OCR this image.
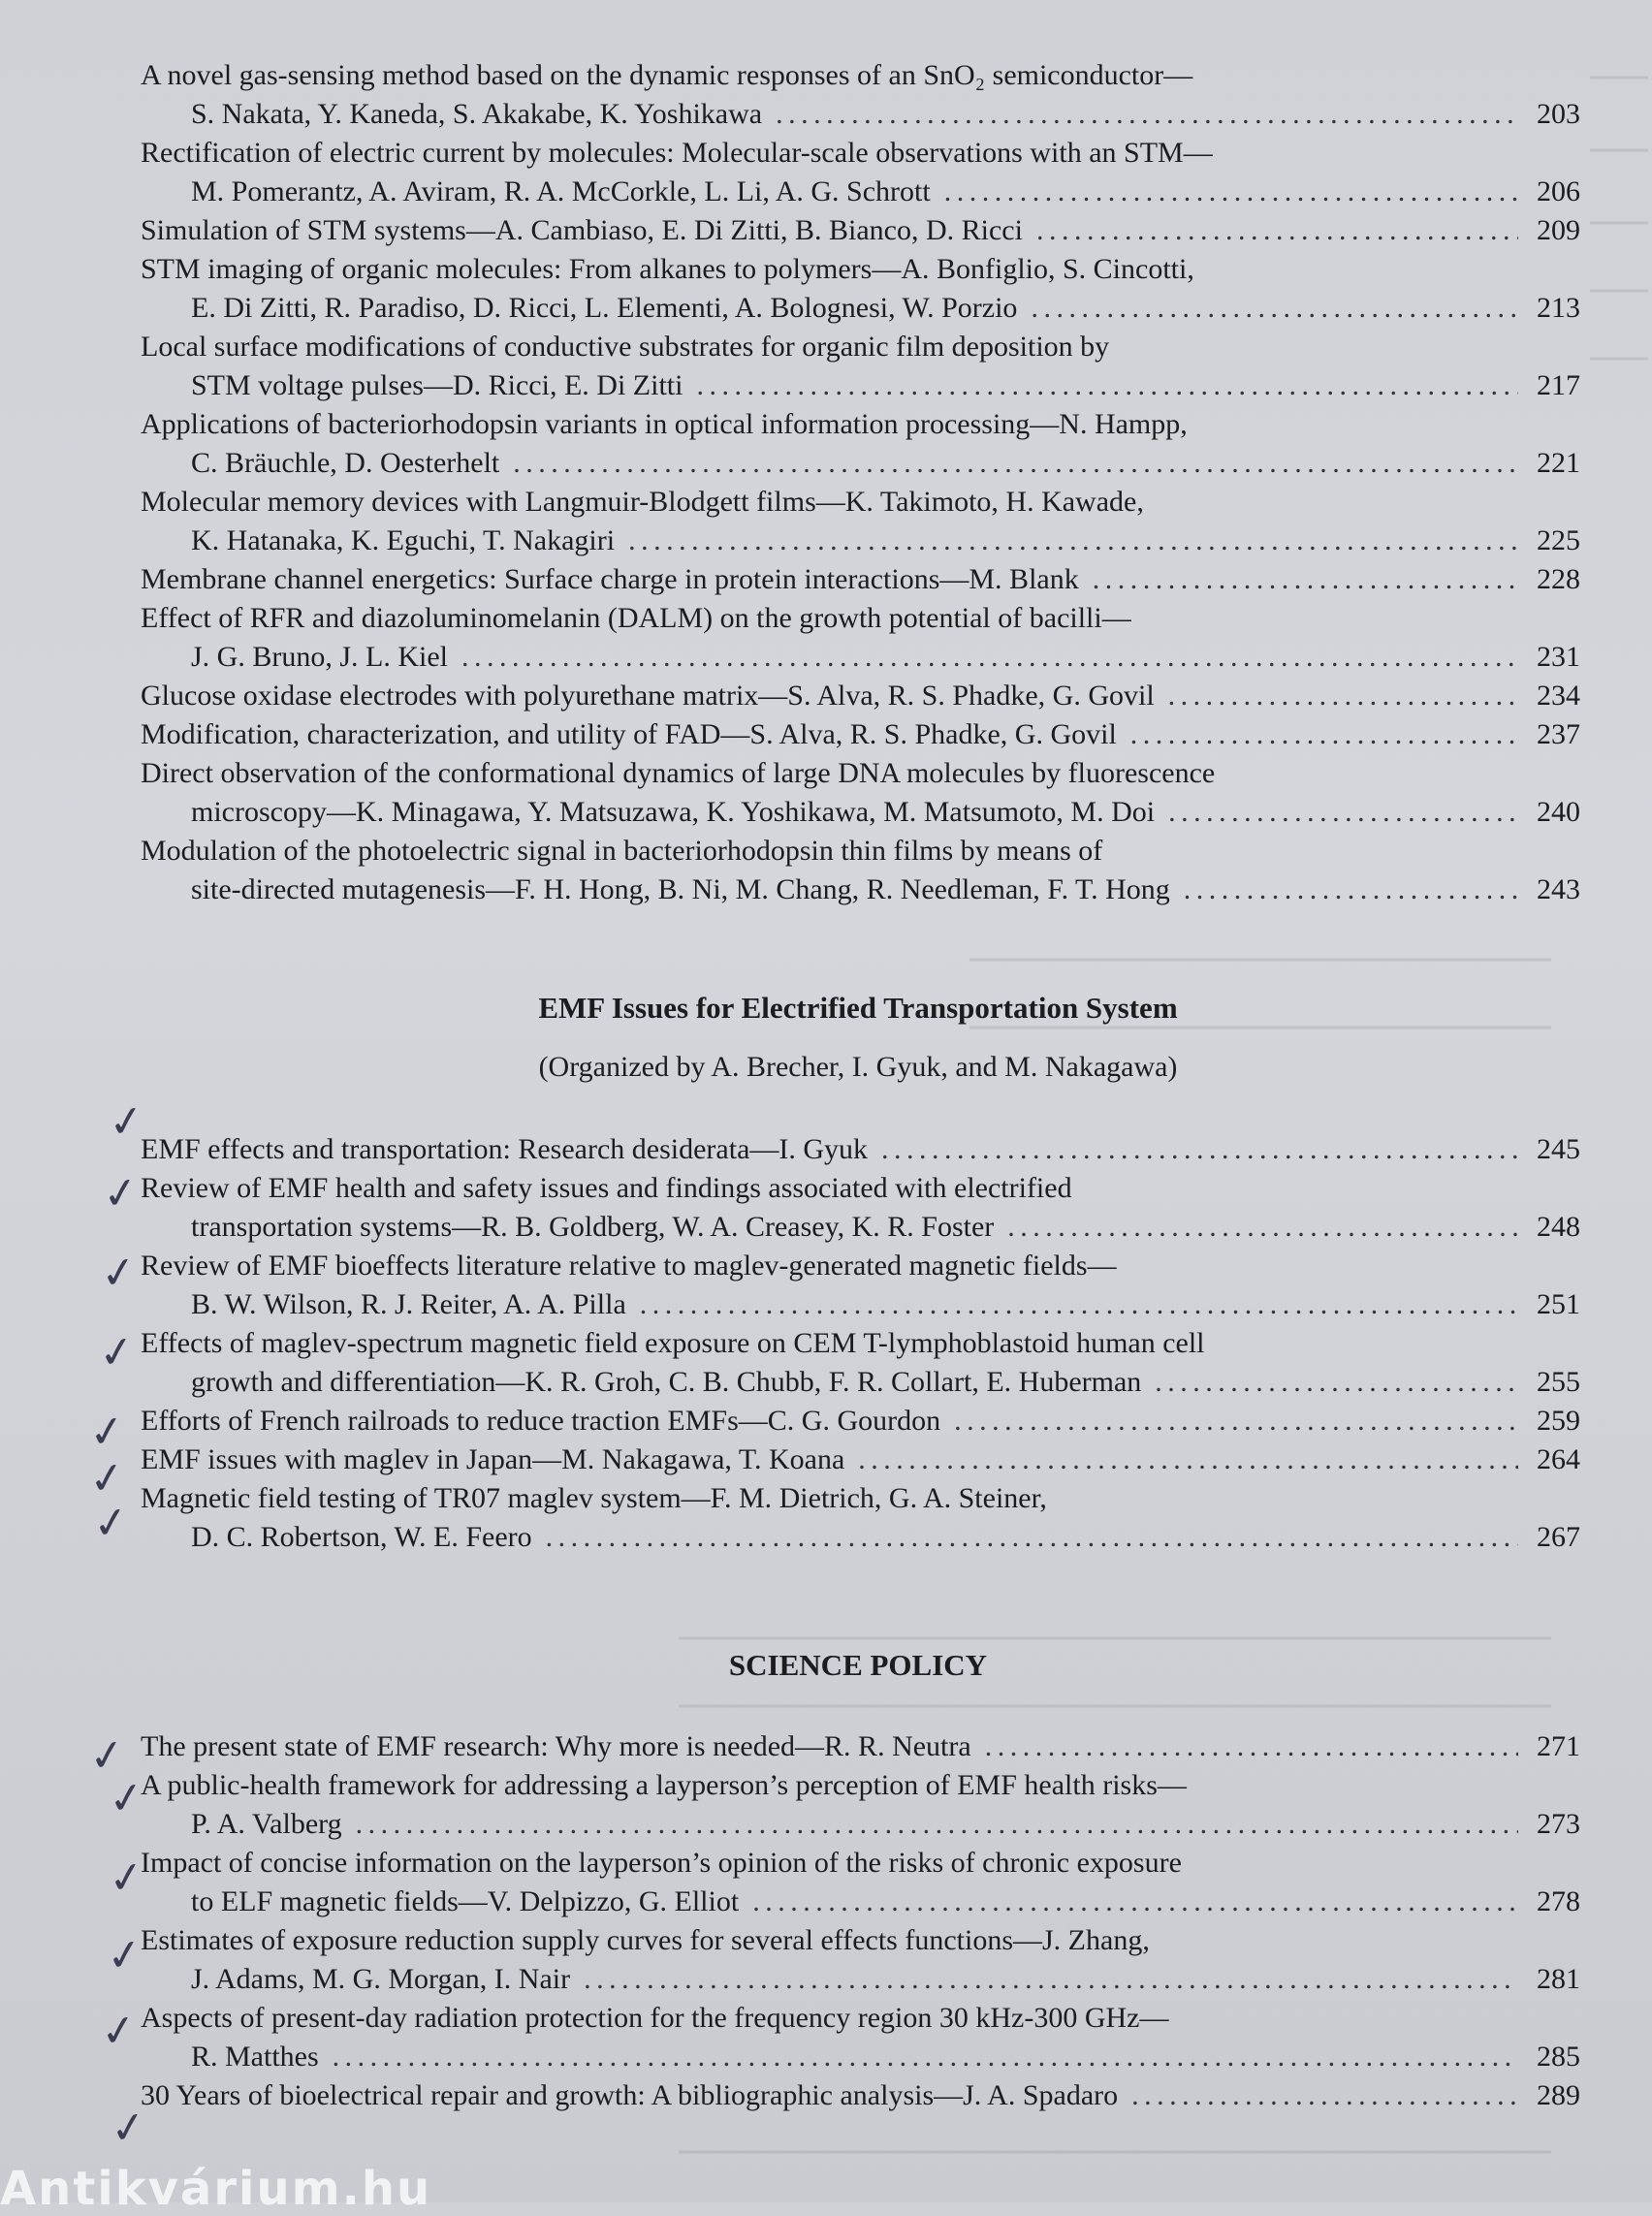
A novel gas-sensing method based on the dynamic responses of an SnO₂ semiconductor—
S. Nakata, Y. Kaneda, S. Akakabe, K. Yoshikawa . . .	203
Rectification of electric current by molecules: Molecular-scale observations with an STM—
M. Pomerantz, A. Aviram, R. A. McCorkle, L. Li, A. G. Schrott . . .	206
Simulation of STM systems—A. Cambiaso, E. Di Zitti, B. Bianco, D. Ricci . . .	209
STM imaging of organic molecules: From alkanes to polymers—A. Bonfiglio, S. Cincotti,
E. Di Zitti, R. Paradiso, D. Ricci, L. Elementi, A. Bolognesi, W. Porzio . . .	213
Local surface modifications of conductive substrates for organic film deposition by
STM voltage pulses—D. Ricci, E. Di Zitti . . .	217
Applications of bacteriorhodopsin variants in optical information processing—N. Hampp,
C. Bräuchle, D. Oesterhelt . . .	221
Molecular memory devices with Langmuir-Blodgett films—K. Takimoto, H. Kawade,
K. Hatanaka, K. Eguchi, T. Nakagiri . . .	225
Membrane channel energetics: Surface charge in protein interactions—M. Blank . . .	228
Effect of RFR and diazoluminomelanin (DALM) on the growth potential of bacilli—
J. G. Bruno, J. L. Kiel . . .	231
Glucose oxidase electrodes with polyurethane matrix—S. Alva, R. S. Phadke, G. Govil . . .	234
Modification, characterization, and utility of FAD—S. Alva, R. S. Phadke, G. Govil . . .	237
Direct observation of the conformational dynamics of large DNA molecules by fluorescence
microscopy—K. Minagawa, Y. Matsuzawa, K. Yoshikawa, M. Matsumoto, M. Doi . . .	240
Modulation of the photoelectric signal in bacteriorhodopsin thin films by means of
site-directed mutagenesis—F. H. Hong, B. Ni, M. Chang, R. Needleman, F. T. Hong . . .	243
EMF Issues for Electrified Transportation System
(Organized by A. Brecher, I. Gyuk, and M. Nakagawa)
EMF effects and transportation: Research desiderata—I. Gyuk . . .	245
Review of EMF health and safety issues and findings associated with electrified
transportation systems—R. B. Goldberg, W. A. Creasey, K. R. Foster . . .	248
Review of EMF bioeffects literature relative to maglev-generated magnetic fields—
B. W. Wilson, R. J. Reiter, A. A. Pilla . . .	251
Effects of maglev-spectrum magnetic field exposure on CEM T-lymphoblastoid human cell
growth and differentiation—K. R. Groh, C. B. Chubb, F. R. Collart, E. Huberman . . .	255
Efforts of French railroads to reduce traction EMFs—C. G. Gourdon . . .	259
EMF issues with maglev in Japan—M. Nakagawa, T. Koana . . .	264
Magnetic field testing of TR07 maglev system—F. M. Dietrich, G. A. Steiner,
D. C. Robertson, W. E. Feero . . .	267
SCIENCE POLICY
The present state of EMF research: Why more is needed—R. R. Neutra . . .	271
A public-health framework for addressing a layperson’s perception of EMF health risks—
P. A. Valberg . . .	273
Impact of concise information on the layperson’s opinion of the risks of chronic exposure
to ELF magnetic fields—V. Delpizzo, G. Elliot . . .	278
Estimates of exposure reduction supply curves for several effects functions—J. Zhang,
J. Adams, M. G. Morgan, I. Nair . . .	281
Aspects of present-day radiation protection for the frequency region 30 kHz-300 GHz—
R. Matthes . . .	285
30 Years of bioelectrical repair and growth: A bibliographic analysis—J. A. Spadaro . . .	289
✓
✓
✓
✓
✓
✓
✓
✓
✓
✓
✓
✓
✓
Antikvárium.hu
